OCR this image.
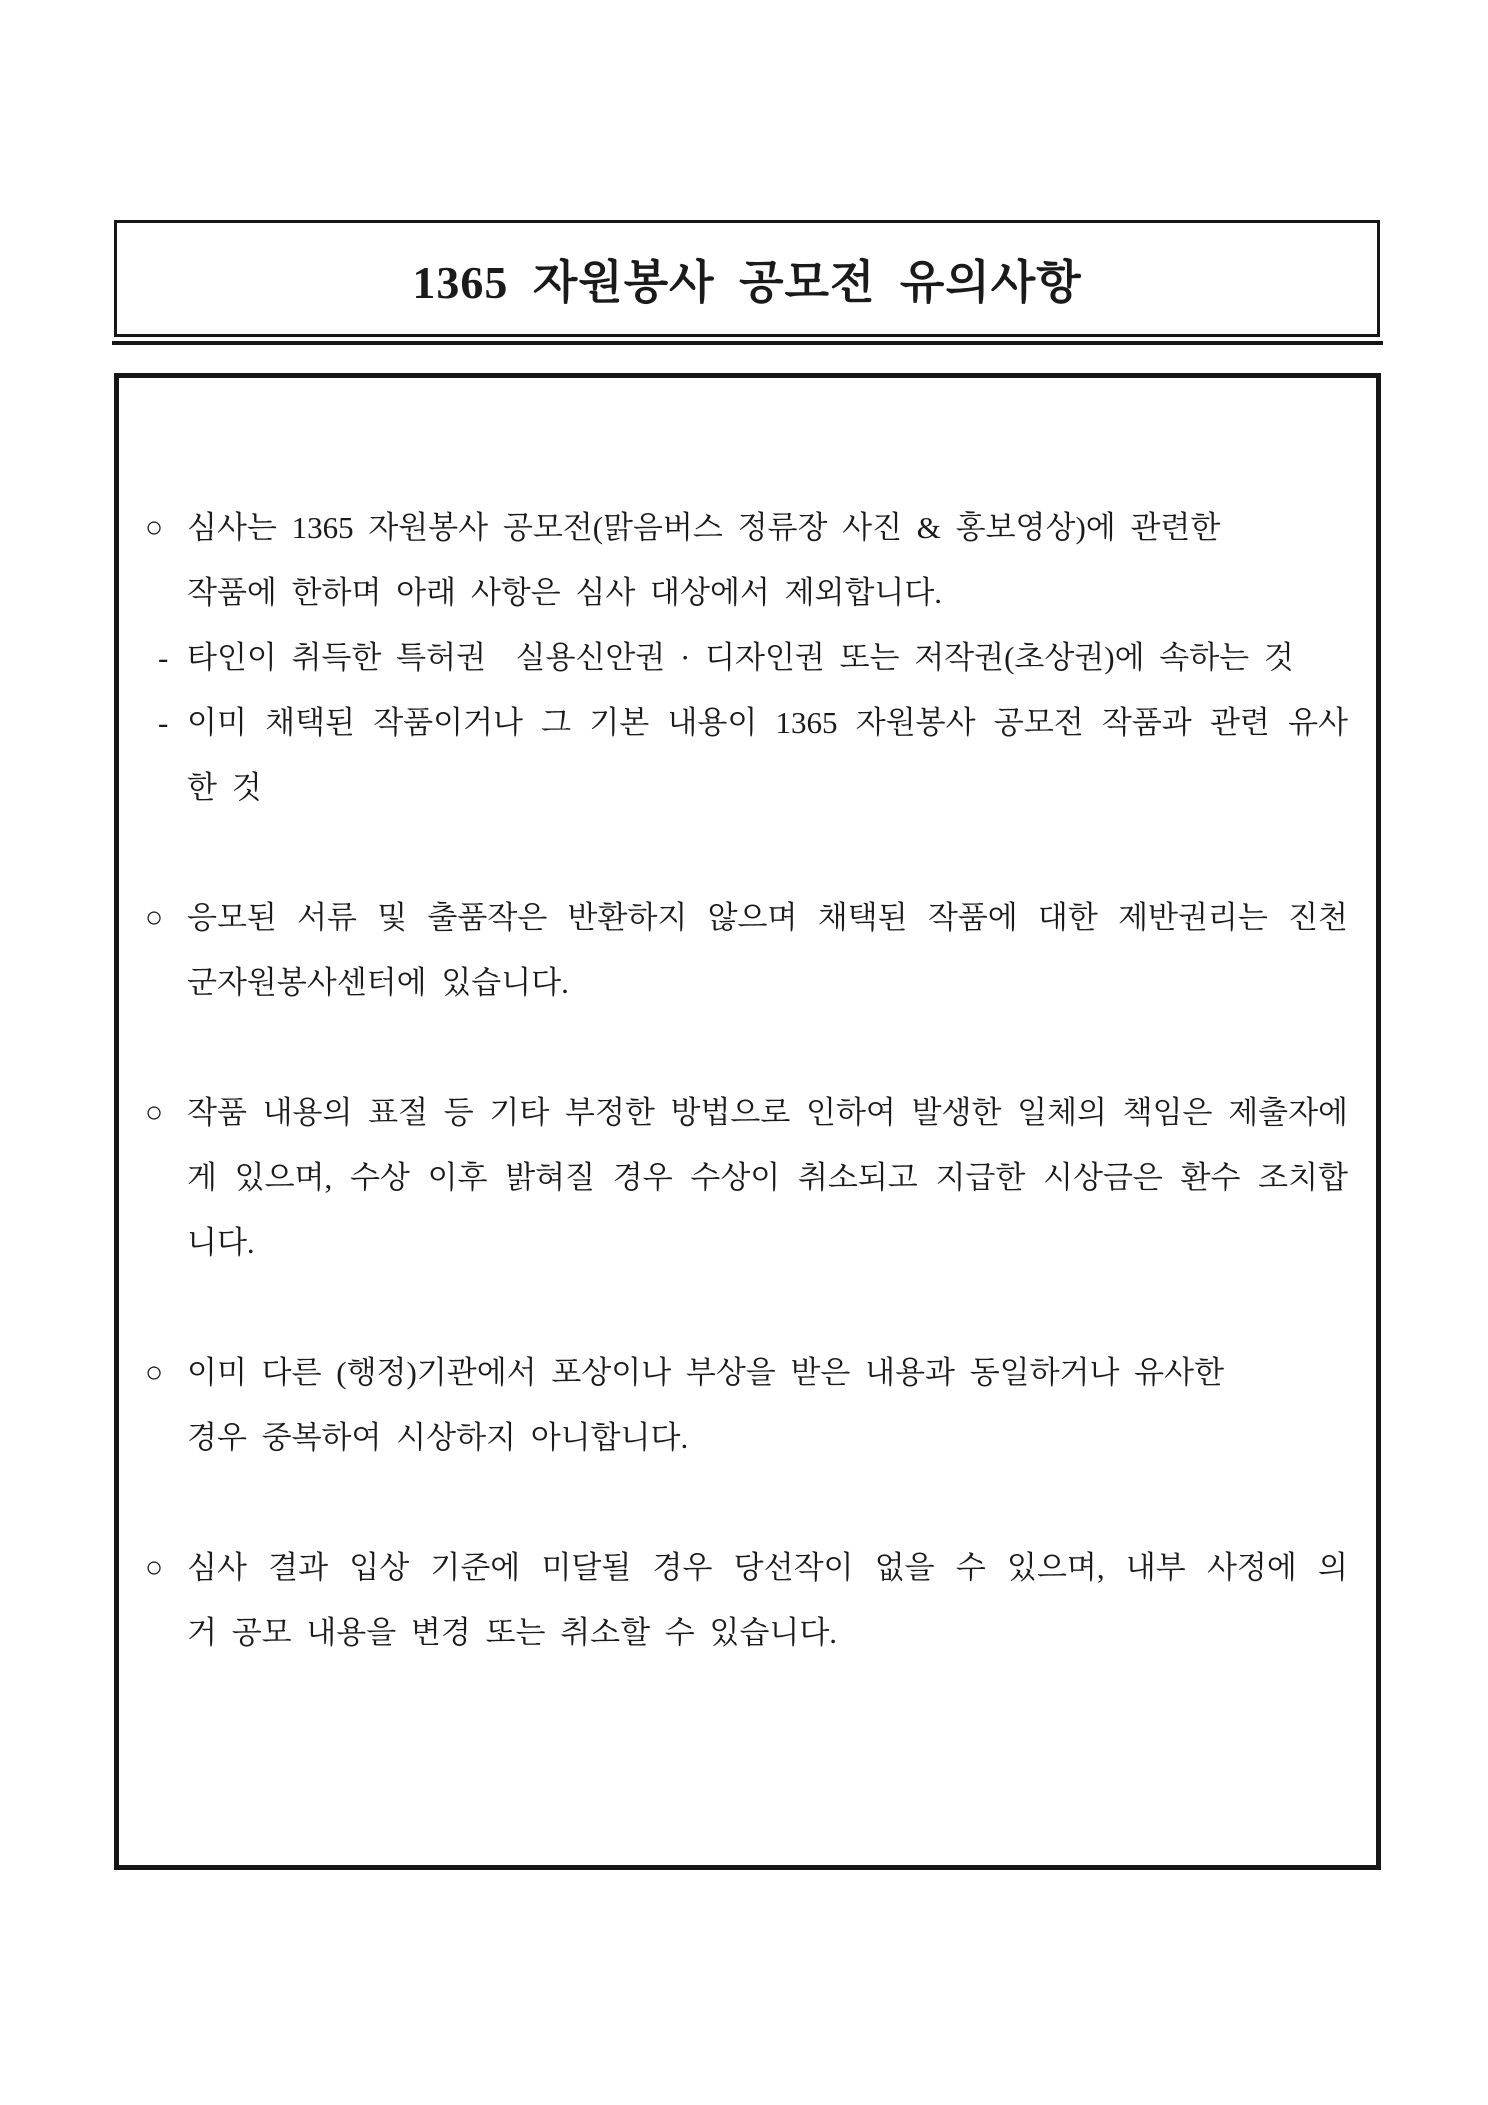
1365 자원봉사 공모전 유의사항
○ 심사는 1365 자원봉사 공모전(맑음버스 정류장 사진 & 홍보영상)에 관련한
작품에 한하며 아래 사항은 심사 대상에서 제외합니다.
- 타인이 취득한 특허권  실용신안권 · 디자인권 또는 저작권(초상권)에 속하는 것
- 이미 채택된 작품이거나 그 기본 내용이 1365 자원봉사 공모전 작품과 관련 유사
한 것
○ 응모된 서류 및 출품작은 반환하지 않으며 채택된 작품에 대한 제반권리는 진천
군자원봉사센터에 있습니다.
○ 작품 내용의 표절 등 기타 부정한 방법으로 인하여 발생한 일체의 책임은 제출자에
게 있으며, 수상 이후 밝혀질 경우 수상이 취소되고 지급한 시상금은 환수 조치합
니다.
○ 이미 다른 (행정)기관에서 포상이나 부상을 받은 내용과 동일하거나 유사한
경우 중복하여 시상하지 아니합니다.
○ 심사 결과 입상 기준에 미달될 경우 당선작이 없을 수 있으며, 내부 사정에 의
거 공모 내용을 변경 또는 취소할 수 있습니다.
